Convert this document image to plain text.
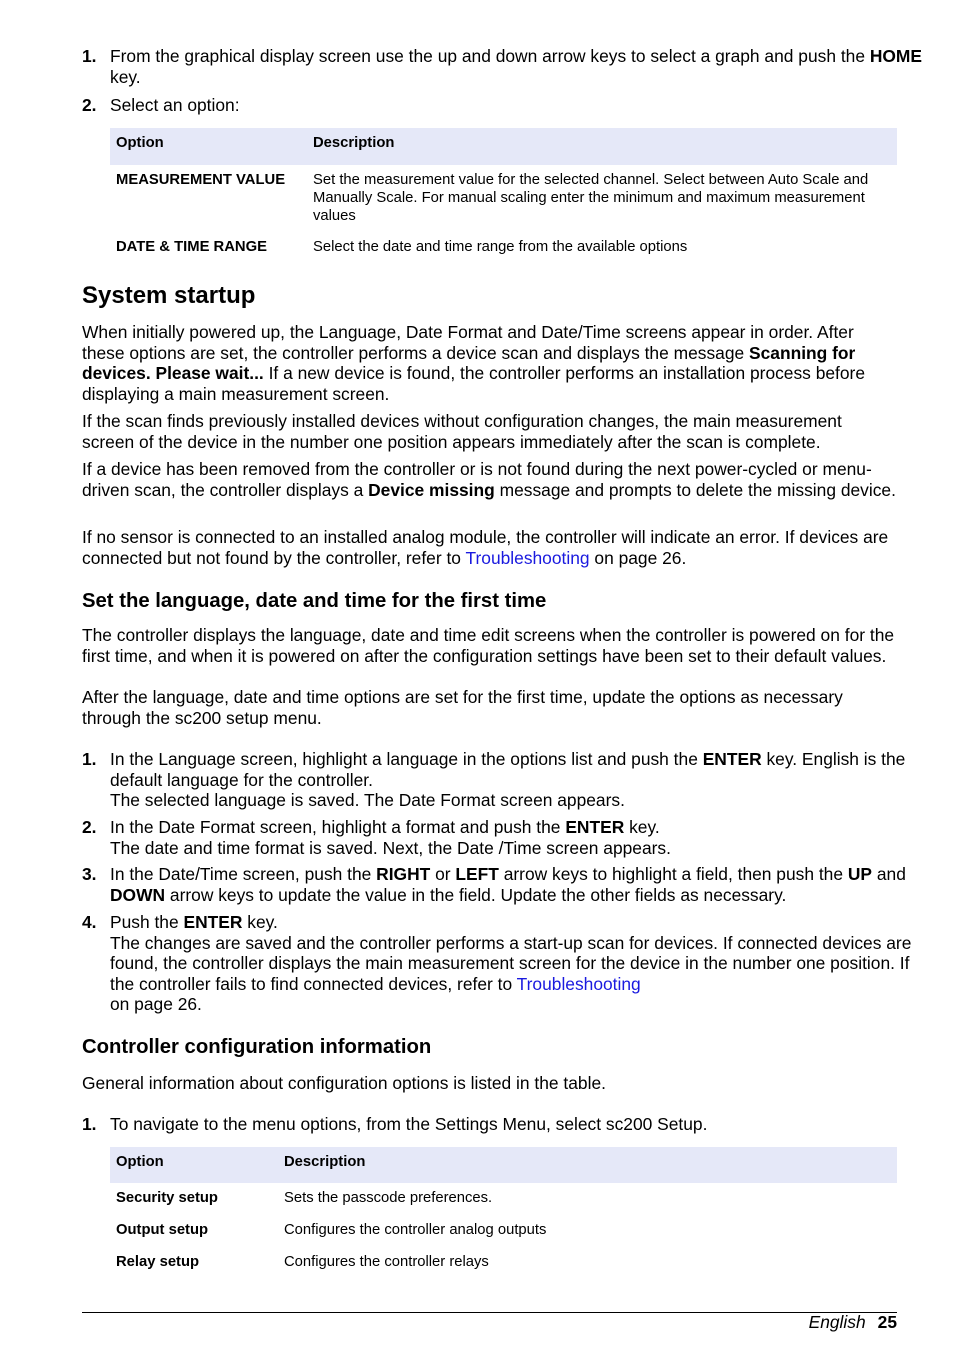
1. From the graphical display screen use the up and down arrow keys to select a graph and push the HOME key.
2. Select an option:
Option	Description
MEASUREMENT VALUE	Set the measurement value for the selected channel. Select between Auto Scale and Manually Scale. For manual scaling enter the minimum and maximum measurement values
DATE & TIME RANGE	Select the date and time range from the available options
System startup

When initially powered up, the Language, Date Format and Date/Time screens appear in order. After these options are set, the controller performs a device scan and displays the message Scanning for devices. Please wait... If a new device is found, the controller performs an installation process before displaying a main measurement screen.

If the scan finds previously installed devices without configuration changes, the main measurement screen of the device in the number one position appears immediately after the scan is complete.

If a device has been removed from the controller or is not found during the next power-cycled or menu-driven scan, the controller displays a Device missing message and prompts to delete the missing device.

If no sensor is connected to an installed analog module, the controller will indicate an error. If devices are connected but not found by the controller, refer to Troubleshooting on page 26.

Set the language, date and time for the first time

The controller displays the language, date and time edit screens when the controller is powered on for the first time, and when it is powered on after the configuration settings have been set to their default values.

After the language, date and time options are set for the first time, update the options as necessary through the sc200 setup menu.

1. In the Language screen, highlight a language in the options list and push the ENTER key. English is the default language for the controller.
The selected language is saved. The Date Format screen appears.
2. In the Date Format screen, highlight a format and push the ENTER key.
The date and time format is saved. Next, the Date /Time screen appears.
3. In the Date/Time screen, push the RIGHT or LEFT arrow keys to highlight a field, then push the UP and DOWN arrow keys to update the value in the field. Update the other fields as necessary.
4. Push the ENTER key.
The changes are saved and the controller performs a start-up scan for devices. If connected devices are found, the controller displays the main measurement screen for the device in the number one position. If the controller fails to find connected devices, refer to Troubleshooting
on page 26.
Controller configuration information

General information about configuration options is listed in the table.

1. To navigate to the menu options, from the Settings Menu, select sc200 Setup.
Option	Description
Security setup	Sets the passcode preferences.
Output setup	Configures the controller analog outputs
Relay setup	Configures the controller relays
English 25
